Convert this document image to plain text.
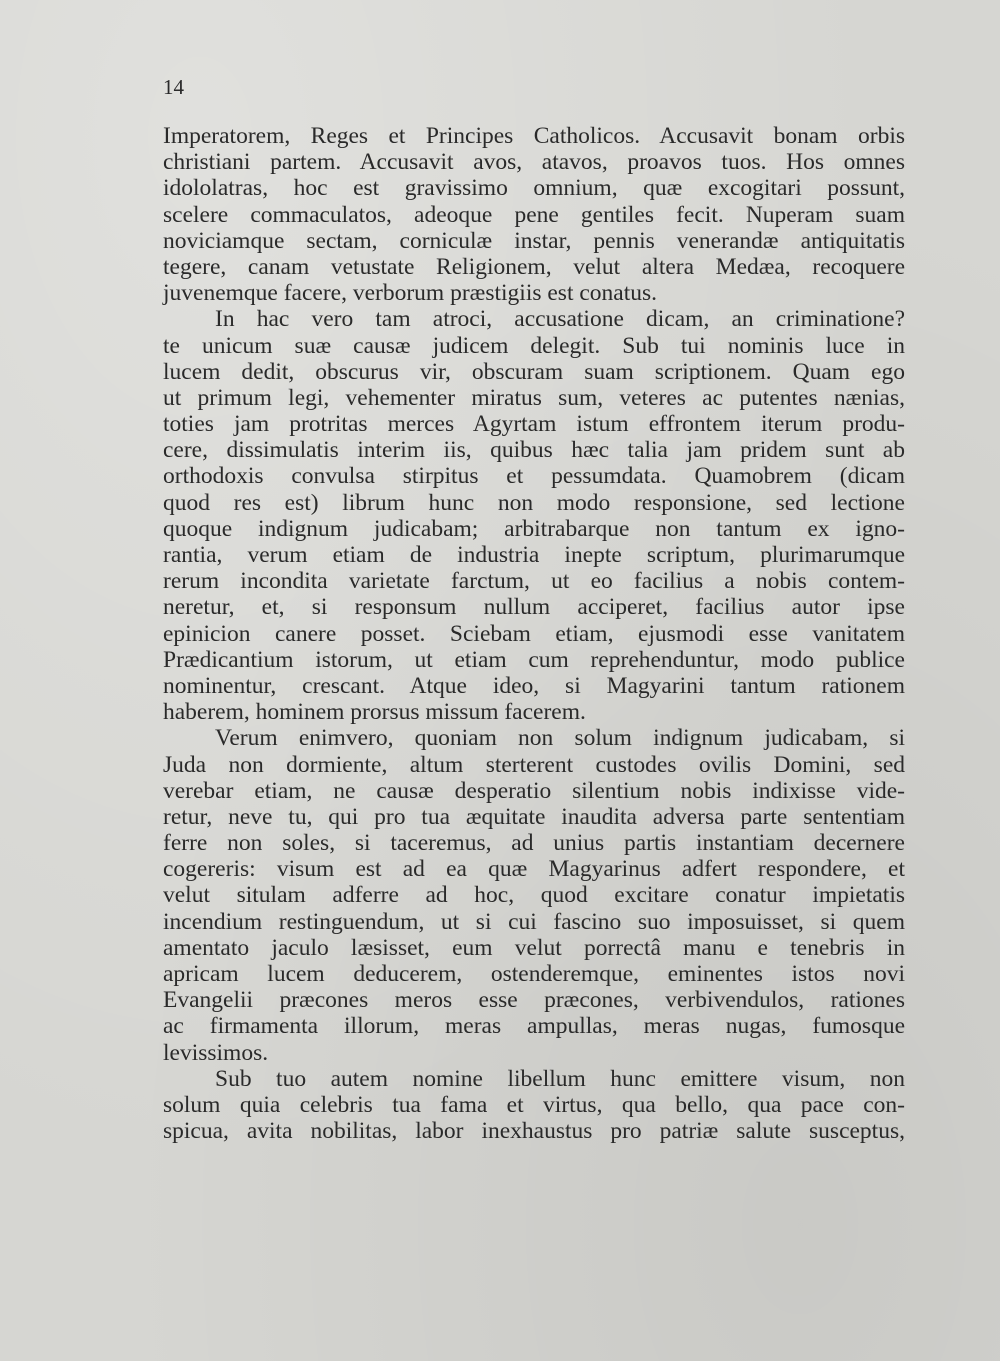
14
Imperatorem, Reges et Principes Catholicos. Accusavit bonam orbis
christiani partem. Accusavit avos, atavos, proavos tuos. Hos omnes
idololatras, hoc est gravissimo omnium, quæ excogitari possunt,
scelere commaculatos, adeoque pene gentiles fecit. Nuperam suam
noviciamque sectam, corniculæ instar, pennis venerandæ antiquitatis
tegere, canam vetustate Religionem, velut altera Medæa, recoquere
juvenemque facere, verborum præstigiis est conatus.
In hac vero tam atroci, accusatione dicam, an criminatione?
te unicum suæ causæ judicem delegit. Sub tui nominis luce in
lucem dedit, obscurus vir, obscuram suam scriptionem. Quam ego
ut primum legi, vehementer miratus sum, veteres ac putentes nænias,
toties jam protritas merces Agyrtam istum effrontem iterum produ-
cere, dissimulatis interim iis, quibus hæc talia jam pridem sunt ab
orthodoxis convulsa stirpitus et pessumdata. Quamobrem (dicam
quod res est) librum hunc non modo responsione, sed lectione
quoque indignum judicabam; arbitrabarque non tantum ex igno-
rantia, verum etiam de industria inepte scriptum, plurimarumque
rerum incondita varietate farctum, ut eo facilius a nobis contem-
neretur, et, si responsum nullum acciperet, facilius autor ipse
epinicion canere posset. Sciebam etiam, ejusmodi esse vanitatem
Prædicantium istorum, ut etiam cum reprehenduntur, modo publice
nominentur, crescant. Atque ideo, si Magyarini tantum rationem
haberem, hominem prorsus missum facerem.
Verum enimvero, quoniam non solum indignum judicabam, si
Juda non dormiente, altum sterterent custodes ovilis Domini, sed
verebar etiam, ne causæ desperatio silentium nobis indixisse vide-
retur, neve tu, qui pro tua æquitate inaudita adversa parte sententiam
ferre non soles, si taceremus, ad unius partis instantiam decernere
cogereris: visum est ad ea quæ Magyarinus adfert respondere, et
velut situlam adferre ad hoc, quod excitare conatur impietatis
incendium restinguendum, ut si cui fascino suo imposuisset, si quem
amentato jaculo læsisset, eum velut porrectâ manu e tenebris in
apricam lucem deducerem, ostenderemque, eminentes istos novi
Evangelii præcones meros esse præcones, verbivendulos, rationes
ac firmamenta illorum, meras ampullas, meras nugas, fumosque
levissimos.
Sub tuo autem nomine libellum hunc emittere visum, non
solum quia celebris tua fama et virtus, qua bello, qua pace con-
spicua, avita nobilitas, labor inexhaustus pro patriæ salute susceptus,
